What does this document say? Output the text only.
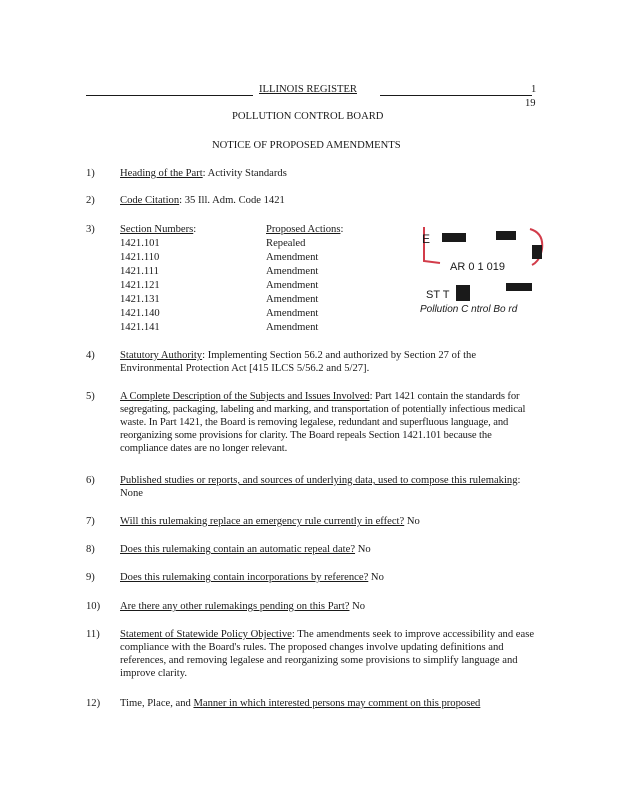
ILLINOIS REGISTER	1
19
POLLUTION CONTROL BOARD
NOTICE OF PROPOSED AMENDMENTS
1) Heading of the Part: Activity Standards
2) Code Citation: 35 Ill. Adm. Code 1421
3) Section Numbers:	Proposed Actions:
1421.101	Repealed
1421.110	Amendment
1421.111	Amendment
1421.121	Amendment
1421.131	Amendment
1421.140	Amendment
1421.141	Amendment
E
AR 0 1 019
ST T
Pollution C ntrol Bo rd
4) Statutory Authority: Implementing Section 56.2 and authorized by Section 27 of the Environmental Protection Act [415 ILCS 5/56.2 and 5/27].
5) A Complete Description of the Subjects and Issues Involved: Part 1421 contain the standards for segregating, packaging, labeling and marking, and transportation of potentially infectious medical waste. In Part 1421, the Board is removing legalese, redundant and superfluous language, and reorganizing some provisions for clarity. The Board repeals Section 1421.101 because the compliance dates are no longer relevant.
6) Published studies or reports, and sources of underlying data, used to compose this rulemaking: None
7) Will this rulemaking replace an emergency rule currently in effect? No
8) Does this rulemaking contain an automatic repeal date? No
9) Does this rulemaking contain incorporations by reference? No
10) Are there any other rulemakings pending on this Part? No
11) Statement of Statewide Policy Objective: The amendments seek to improve accessibility and ease compliance with the Board's rules. The proposed changes involve updating definitions and references, and removing legalese and reorganizing some provisions to simplify language and improve clarity.
12) Time, Place, and Manner in which interested persons may comment on this proposed
